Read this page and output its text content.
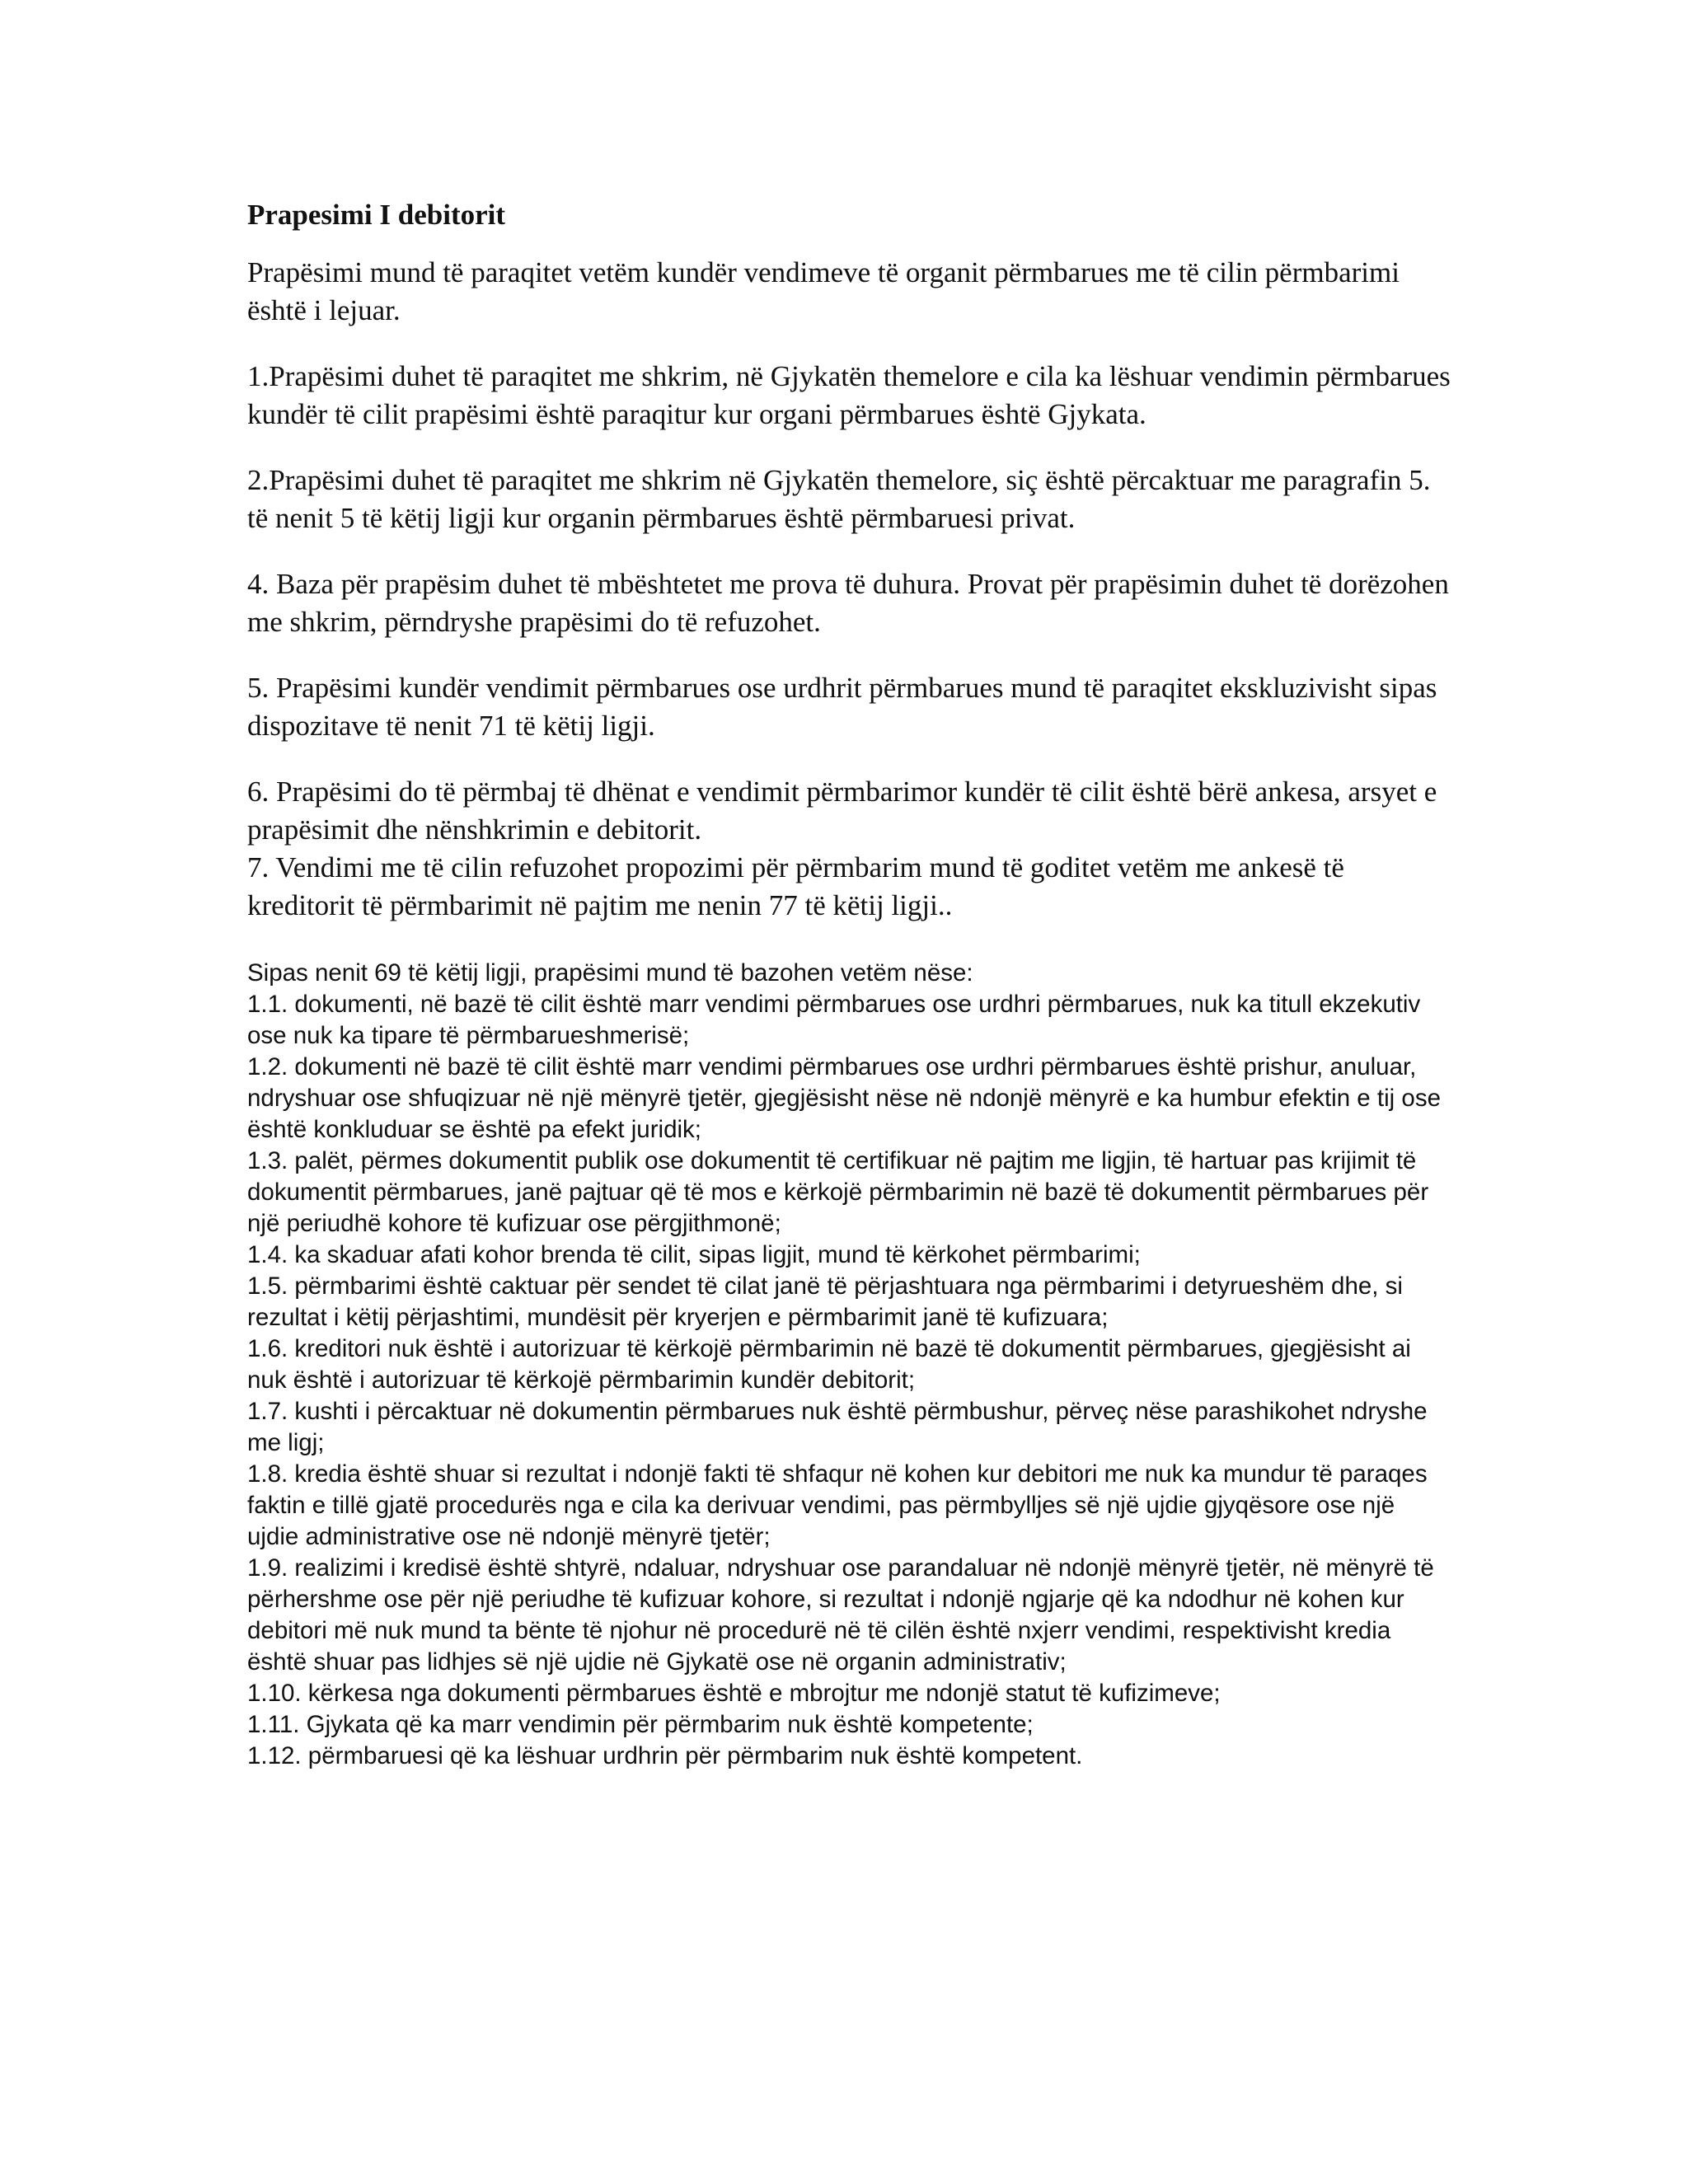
Prapesimi I debitorit

Prapësimi mund të paraqitet vetëm kundër vendimeve të organit përmbarues me të cilin përmbarimi është i lejuar.

1.Prapësimi duhet të paraqitet me shkrim, në Gjykatën themelore e cila ka lëshuar vendimin përmbarues kundër të cilit prapësimi është paraqitur kur organi përmbarues është Gjykata.

2.Prapësimi duhet të paraqitet me shkrim në Gjykatën themelore, siç është përcaktuar me paragrafin 5. të nenit 5 të këtij ligji kur organin përmbarues është përmbaruesi privat.

4. Baza për prapësim duhet të mbështetet me prova të duhura. Provat për prapësimin duhet të dorëzohen me shkrim, përndryshe prapësimi do të refuzohet.

5. Prapësimi kundër vendimit përmbarues ose urdhrit përmbarues mund të paraqitet ekskluzivisht sipas dispozitave të nenit 71 të këtij ligji.

6. Prapësimi do të përmbaj të dhënat e vendimit përmbarimor kundër të cilit është bërë ankesa, arsyet e prapësimit dhe nënshkrimin e debitorit.

7. Vendimi me të cilin refuzohet propozimi për përmbarim mund të goditet vetëm me ankesë të kreditorit të përmbarimit në pajtim me nenin 77 të këtij ligji..

Sipas nenit 69 të këtij ligji, prapësimi mund të bazohen vetëm nëse:

1.1. dokumenti, në bazë të cilit është marr vendimi përmbarues ose urdhri përmbarues, nuk ka titull ekzekutiv ose nuk ka tipare të përmbarueshmerisë;

1.2. dokumenti në bazë të cilit është marr vendimi përmbarues ose urdhri përmbarues është prishur, anuluar, ndryshuar ose shfuqizuar në një mënyrë tjetër, gjegjësisht nëse në ndonjë mënyrë e ka humbur efektin e tij ose është konkluduar se është pa efekt juridik;

1.3. palët, përmes dokumentit publik ose dokumentit të certifikuar në pajtim me ligjin, të hartuar pas krijimit të dokumentit përmbarues, janë pajtuar që të mos e kërkojë përmbarimin në bazë të dokumentit përmbarues për një periudhë kohore të kufizuar ose përgjithmonë;

1.4. ka skaduar afati kohor brenda të cilit, sipas ligjit, mund të kërkohet përmbarimi;

1.5. përmbarimi është caktuar për sendet të cilat janë të përjashtuara nga përmbarimi i detyrueshëm dhe, si rezultat i këtij përjashtimi, mundësit për kryerjen e përmbarimit janë të kufizuara;

1.6. kreditori nuk është i autorizuar të kërkojë përmbarimin në bazë të dokumentit përmbarues, gjegjësisht ai nuk është i autorizuar të kërkojë përmbarimin kundër debitorit;

1.7. kushti i përcaktuar në dokumentin përmbarues nuk është përmbushur, përveç nëse parashikohet ndryshe me ligj;

1.8. kredia është shuar si rezultat i ndonjë fakti të shfaqur në kohen kur debitori me nuk ka mundur të paraqes faktin e tillë gjatë procedurës nga e cila ka derivuar vendimi, pas përmbylljes së një ujdie gjyqësore ose një ujdie administrative ose në ndonjë mënyrë tjetër;

1.9. realizimi i kredisë është shtyrë, ndaluar, ndryshuar ose parandaluar në ndonjë mënyrë tjetër, në mënyrë të përhershme ose për një periudhe të kufizuar kohore, si rezultat i ndonjë ngjarje që ka ndodhur në kohen kur debitori më nuk mund ta bënte të njohur në procedurë në të cilën është nxjerr vendimi, respektivisht kredia është shuar pas lidhjes së një ujdie në Gjykatë ose në organin administrativ;

1.10. kërkesa nga dokumenti përmbarues është e mbrojtur me ndonjë statut të kufizimeve;

1.11. Gjykata që ka marr vendimin për përmbarim nuk është kompetente;

1.12. përmbaruesi që ka lëshuar urdhrin për përmbarim nuk është kompetent.
